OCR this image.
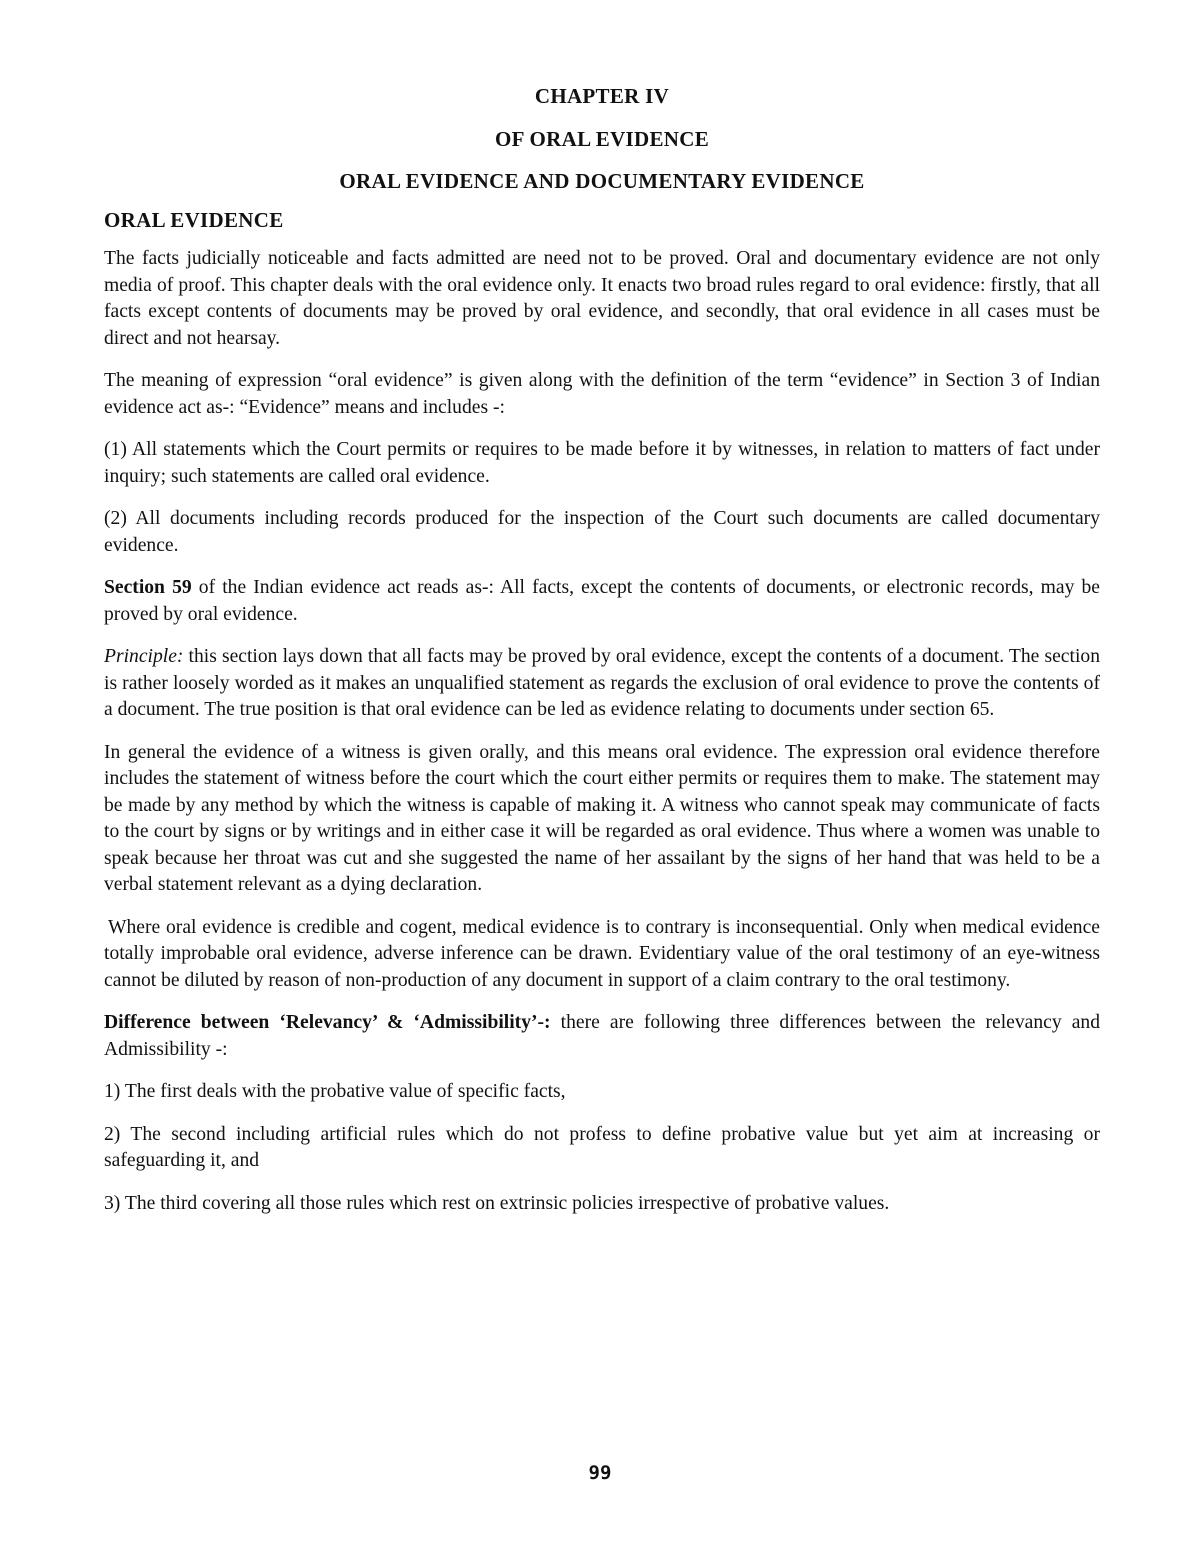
CHAPTER IV
OF ORAL EVIDENCE
ORAL EVIDENCE AND DOCUMENTARY EVIDENCE
ORAL EVIDENCE

The facts judicially noticeable and facts admitted are need not to be proved. Oral and documentary evidence are not only media of proof. This chapter deals with the oral evidence only. It enacts two broad rules regard to oral evidence: firstly, that all facts except contents of documents may be proved by oral evidence, and secondly, that oral evidence in all cases must be direct and not hearsay.

The meaning of expression “oral evidence” is given along with the definition of the term “evidence” in Section 3 of Indian evidence act as-: “Evidence” means and includes -:

(1) All statements which the Court permits or requires to be made before it by witnesses, in relation to matters of fact under inquiry; such statements are called oral evidence.

(2) All documents including records produced for the inspection of the Court such documents are called documentary evidence.

Section 59 of the Indian evidence act reads as-: All facts, except the contents of documents, or electronic records, may be proved by oral evidence.

Principle: this section lays down that all facts may be proved by oral evidence, except the contents of a document. The section is rather loosely worded as it makes an unqualified statement as regards the exclusion of oral evidence to prove the contents of a document. The true position is that oral evidence can be led as evidence relating to documents under section 65.

In general the evidence of a witness is given orally, and this means oral evidence. The expression oral evidence therefore includes the statement of witness before the court which the court either permits or requires them to make. The statement may be made by any method by which the witness is capable of making it. A witness who cannot speak may communicate of facts to the court by signs or by writings and in either case it will be regarded as oral evidence. Thus where a women was unable to speak because her throat was cut and she suggested the name of her assailant by the signs of her hand that was held to be a verbal statement relevant as a dying declaration.

Where oral evidence is credible and cogent, medical evidence is to contrary is inconsequential. Only when medical evidence totally improbable oral evidence, adverse inference can be drawn. Evidentiary value of the oral testimony of an eye-witness cannot be diluted by reason of non-production of any document in support of a claim contrary to the oral testimony.

Difference between ‘Relevancy’ & ‘Admissibility’-: there are following three differences between the relevancy and Admissibility -:

1) The first deals with the probative value of specific facts,

2) The second including artificial rules which do not profess to define probative value but yet aim at increasing or safeguarding it, and

3) The third covering all those rules which rest on extrinsic policies irrespective of probative values.

99
